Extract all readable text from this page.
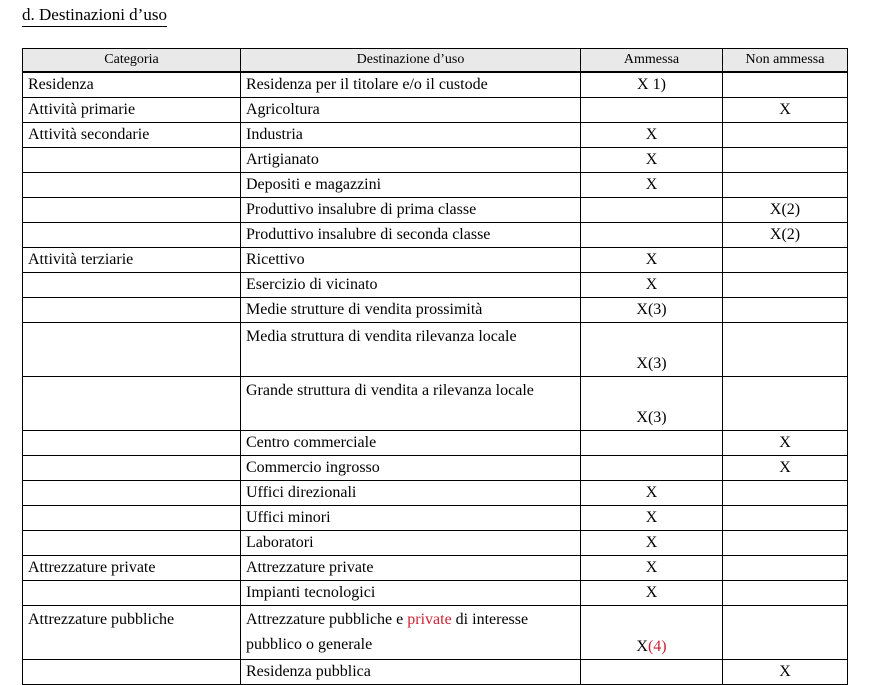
d. Destinazioni d’uso
Categoria	Destinazione d’uso	Ammessa	Non ammessa

Residenza	Residenza per il titolare e/o il custode	X 1)	

Attività primarie	Agricoltura		X

Attività secondarie	Industria	X	

	Artigianato	X	

	Depositi e magazzini	X	

	Produttivo insalubre di prima classe		X(2)

	Produttivo insalubre di seconda classe		X(2)

Attività terziarie	Ricettivo	X	

	Esercizio di vicinato	X	

	Medie strutture di vendita prossimità	X(3)	

	Media struttura di vendita rilevanza locale	X(3)	

	Grande struttura di vendita a rilevanza locale	X(3)	

	Centro commerciale		X

	Commercio ingrosso		X

	Uffici direzionali	X	

	Uffici minori	X	

	Laboratori	X	

Attrezzature private	Attrezzature private	X	

	Impianti tecnologici	X	

Attrezzature pubbliche	Attrezzature pubbliche e private di interesse pubblico o generale	X (4)	

	Residenza pubblica		X
